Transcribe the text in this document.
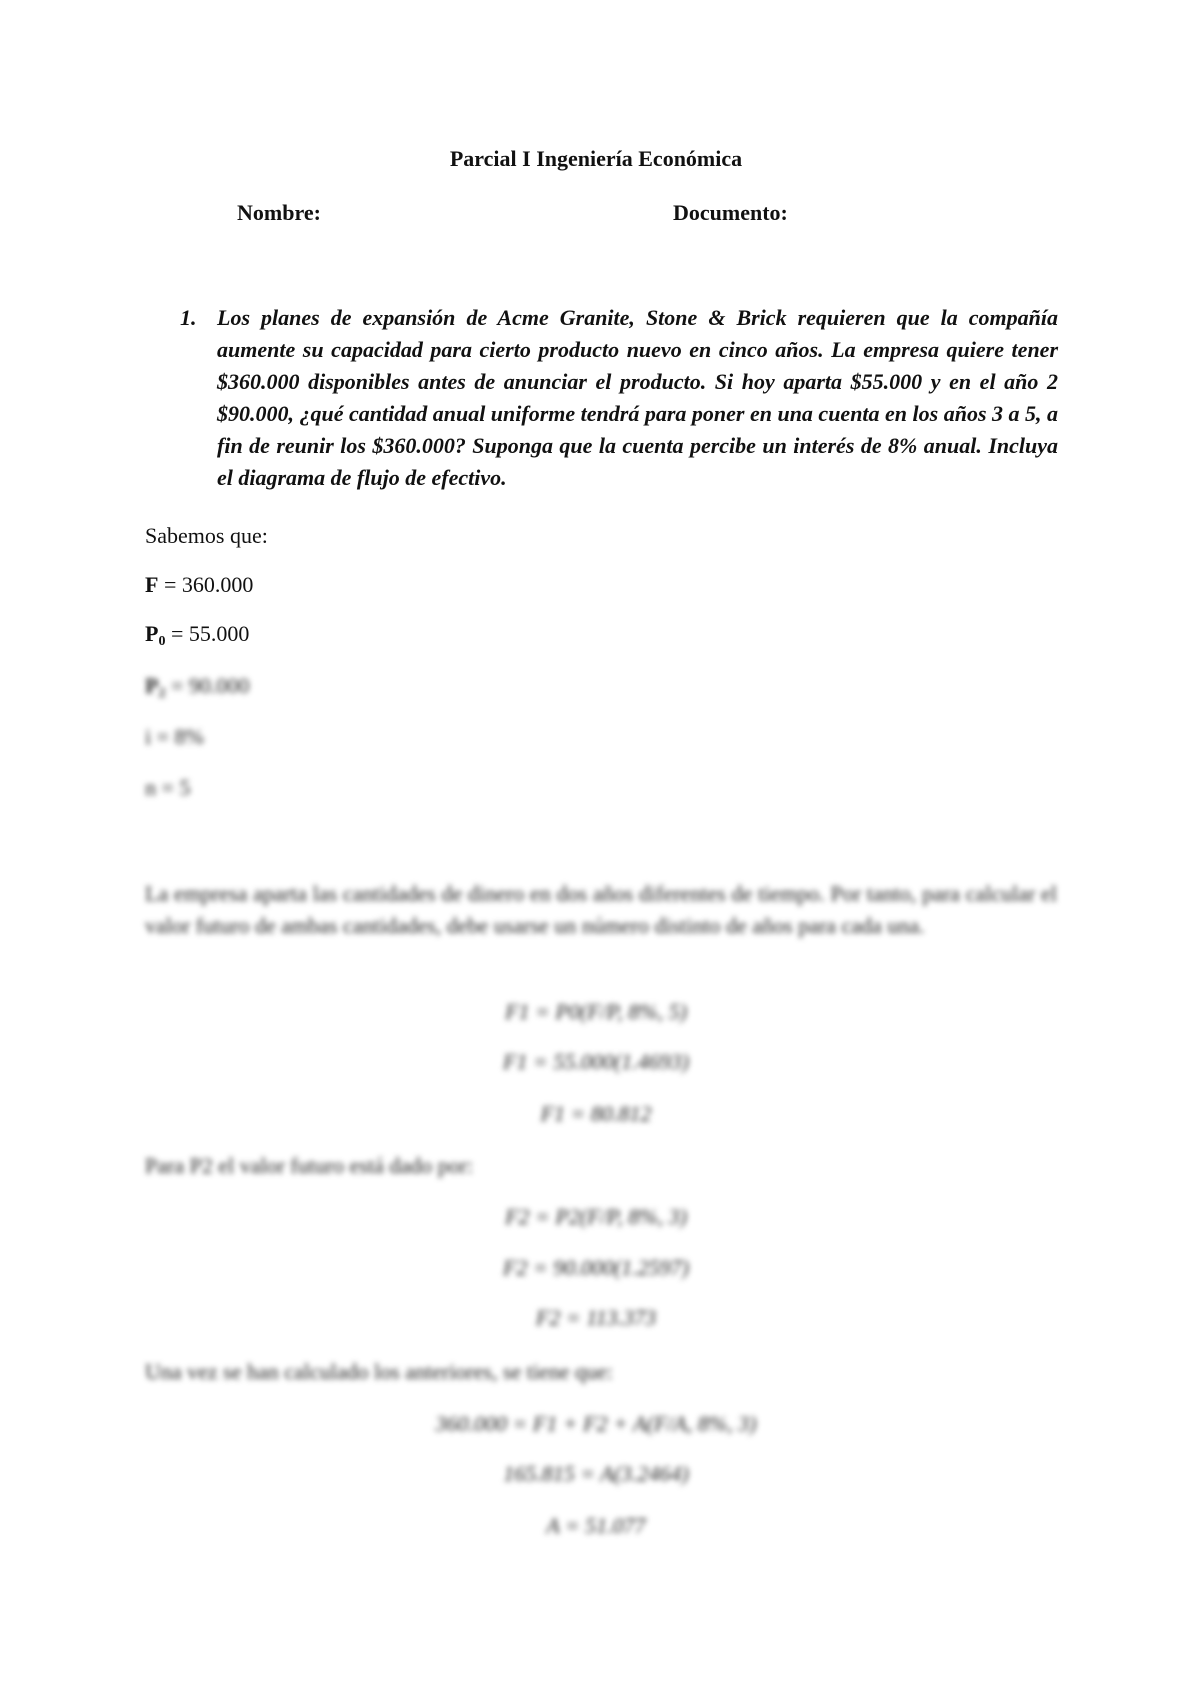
Parcial I Ingeniería Económica
Nombre:	Documento:
1. Los planes de expansión de Acme Granite, Stone & Brick requieren que la compañía aumente su capacidad para cierto producto nuevo en cinco años. La empresa quiere tener $360.000 disponibles antes de anunciar el producto. Si hoy aparta $55.000 y en el año 2 $90.000, ¿qué cantidad anual uniforme tendrá para poner en una cuenta en los años 3 a 5, a fin de reunir los $360.000? Suponga que la cuenta percibe un interés de 8% anual. Incluya el diagrama de flujo de efectivo.
Sabemos que:
F = 360.000
$P_0 = 55.000$
$P_2 = 90.000$
i = 8%
n = 5
La empresa aparta las cantidades de dinero en dos años diferentes de tiempo. Por tanto, para calcular el valor futuro de ambas cantidades, debe usarse un número distinto de años para cada una.
F1 = P0(F/P, 8%, 5)
F1 = 55.000(1.4693)
F1 = 80.812
Para P2 el valor futuro está dado por:
F2 = P2(F/P, 8%, 3)
F2 = 90.000(1.2597)
F2 = 113.373
Una vez se han calculado los anteriores, se tiene que:
360.000 = F1 + F2 + A(F/A, 8%, 3)
165.815 = A(3.2464)
A = 51.077
